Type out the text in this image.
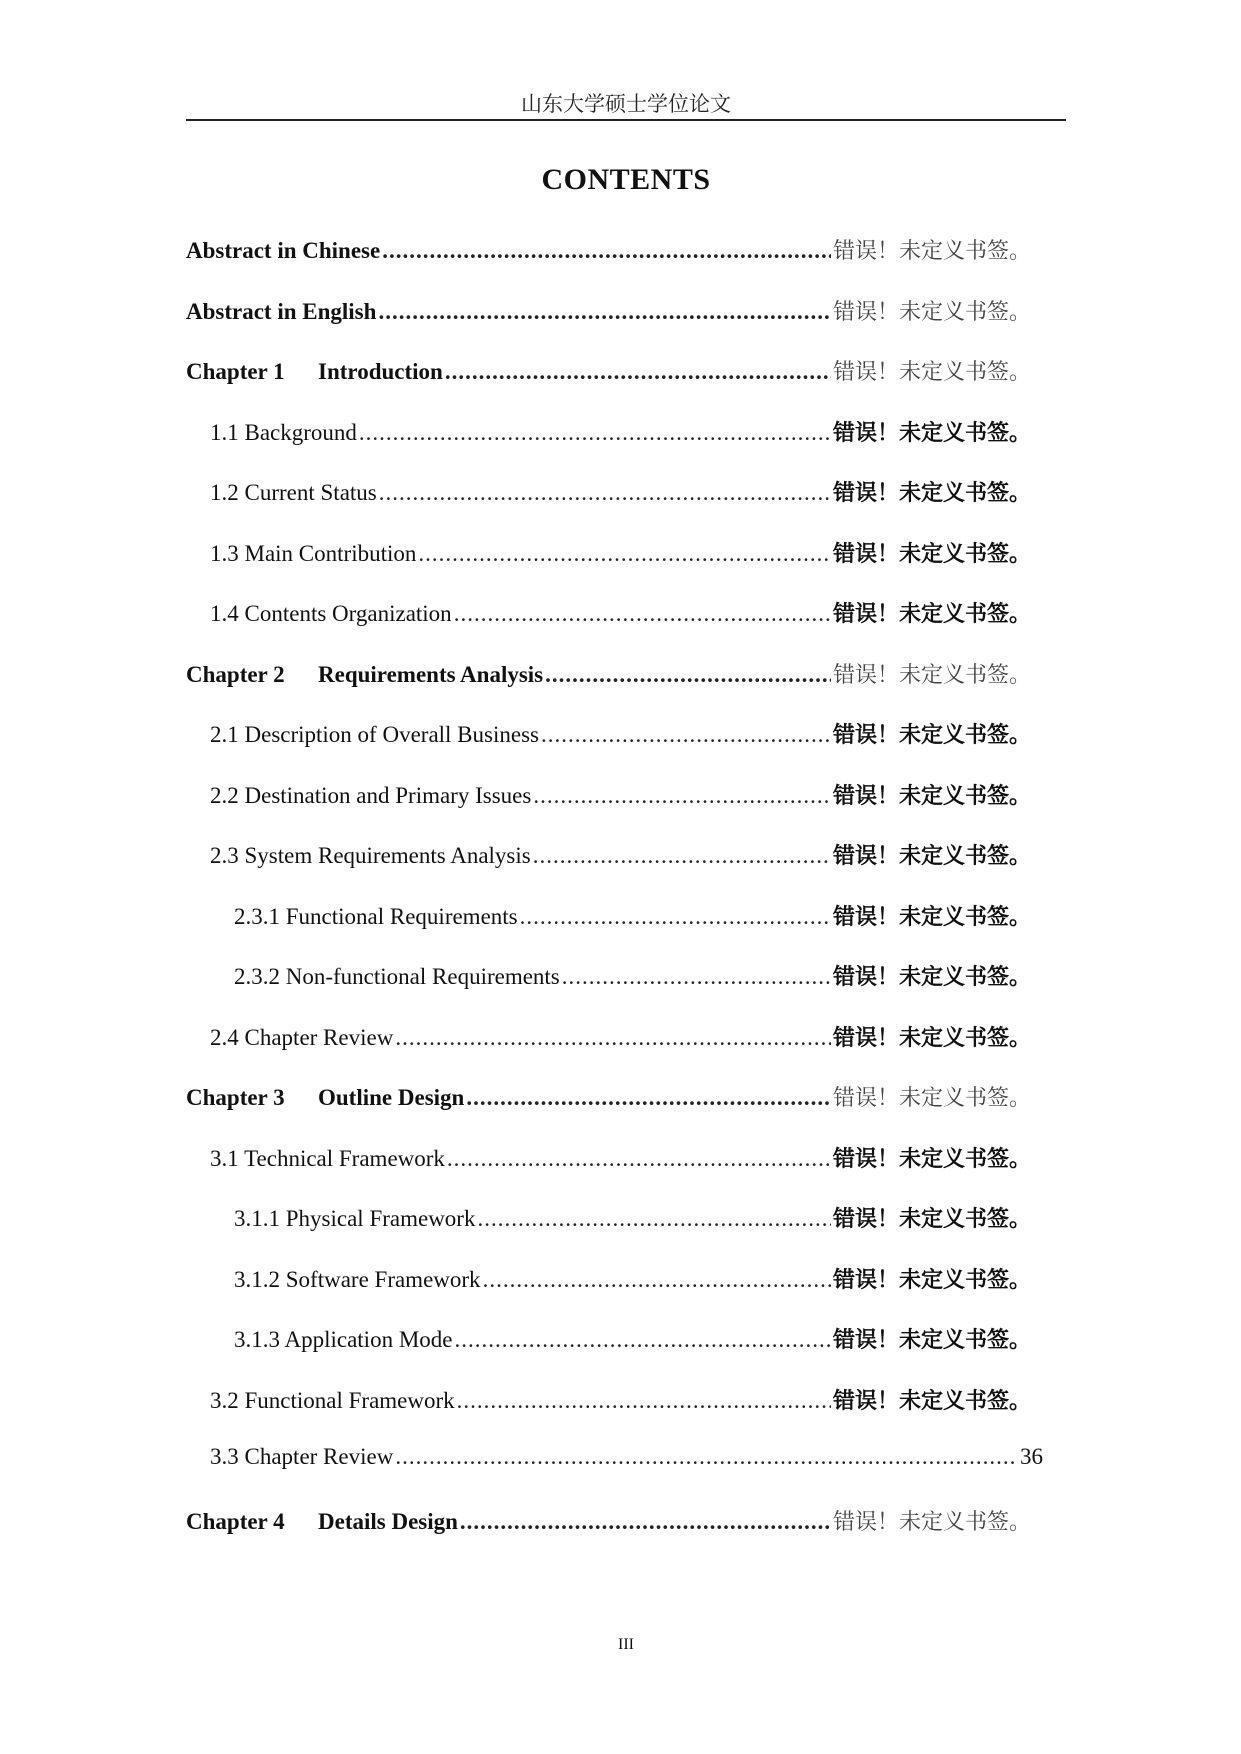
山东大学硕士学位论文
CONTENTS
Abstract in Chinese .....	错误！未定义书签。
Abstract in English .....	错误！未定义书签。
Chapter 1 Introduction .....	错误！未定义书签。
1.1 Background .....	错误！未定义书签。
1.2 Current Status .....	错误！未定义书签。
1.3 Main Contribution .....	错误！未定义书签。
1.4 Contents Organization .....	错误！未定义书签。
Chapter 2 Requirements Analysis .....	错误！未定义书签。
2.1 Description of Overall Business .....	错误！未定义书签。
2.2 Destination and Primary Issues .....	错误！未定义书签。
2.3 System Requirements Analysis .....	错误！未定义书签。
2.3.1 Functional Requirements .....	错误！未定义书签。
2.3.2 Non-functional Requirements .....	错误！未定义书签。
2.4 Chapter Review .....	错误！未定义书签。
Chapter 3 Outline Design .....	错误！未定义书签。
3.1 Technical Framework .....	错误！未定义书签。
3.1.1 Physical Framework .....	错误！未定义书签。
3.1.2 Software Framework .....	错误！未定义书签。
3.1.3 Application Mode .....	错误！未定义书签。
3.2 Functional Framework .....	错误！未定义书签。
3.3 Chapter Review .....	36
Chapter 4 Details Design .....	错误！未定义书签。
III
